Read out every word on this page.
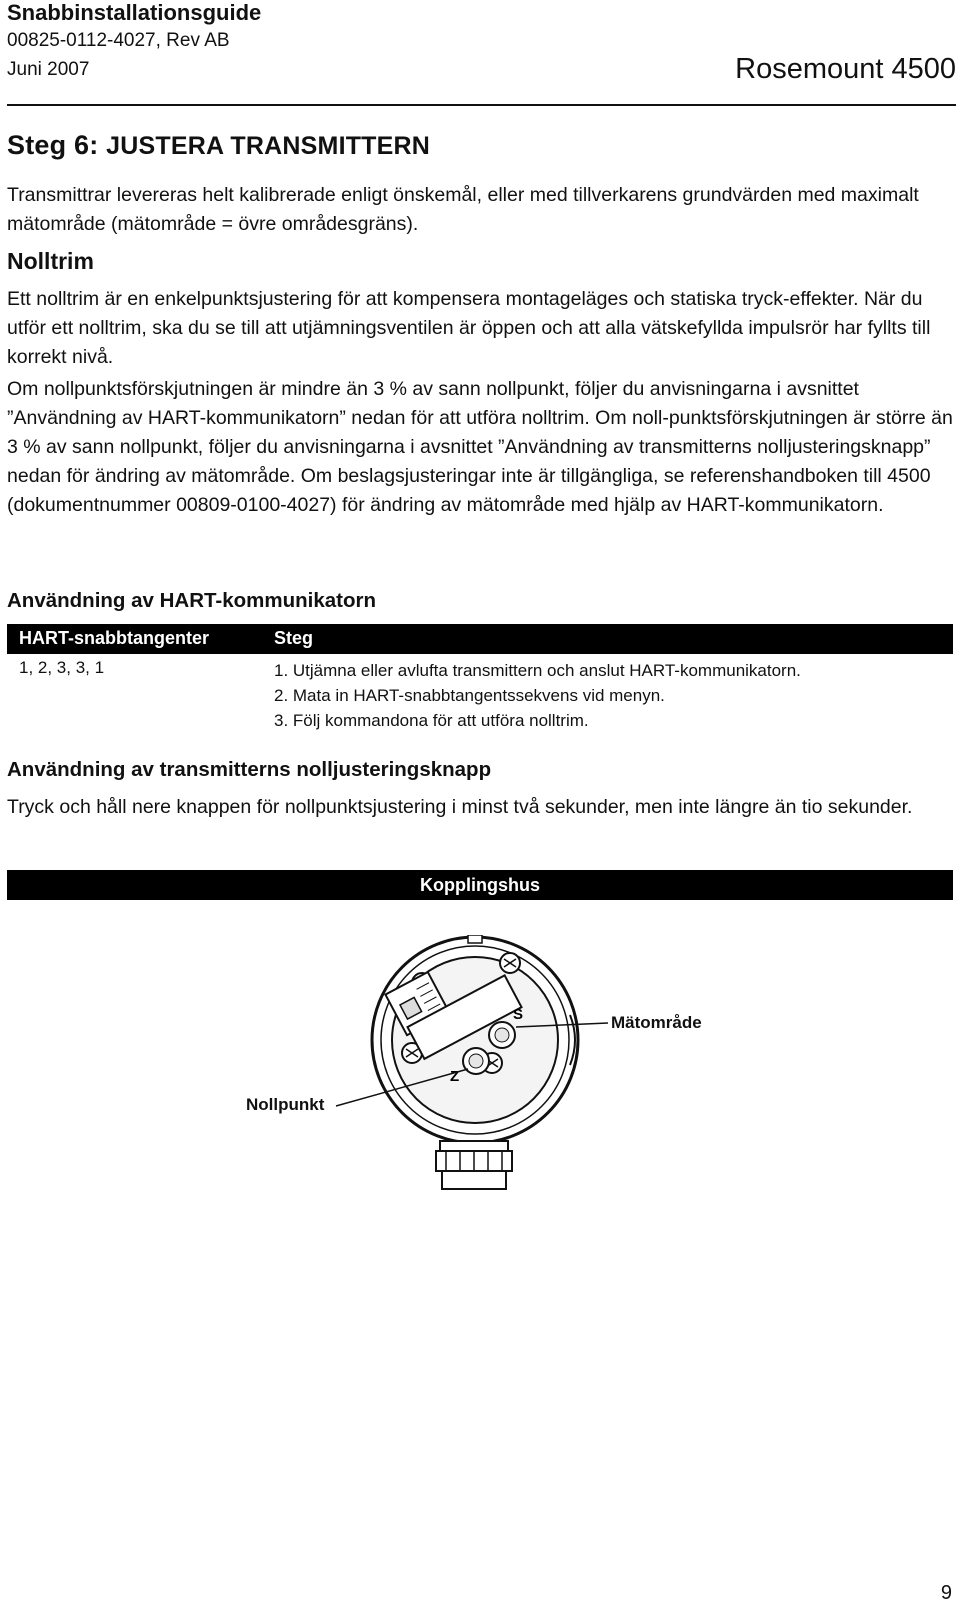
Snabbinstallationsguide
00825-0112-4027, Rev AB
Juni 2007	Rosemount 4500
Steg 6: JUSTERA TRANSMITTERN

Transmittrar levereras helt kalibrerade enligt önskemål, eller med tillverkarens grundvärden med maximalt mätområde (mätområde = övre områdesgräns).

Nolltrim

Ett nolltrim är en enkelpunktsjustering för att kompensera montageläges och statiska tryck-effekter. När du utför ett nolltrim, ska du se till att utjämningsventilen är öppen och att alla vätskefyllda impulsrör har fyllts till korrekt nivå.

Om nollpunktsförskjutningen är mindre än 3 % av sann nollpunkt, följer du anvisningarna i avsnittet ”Användning av HART-kommunikatorn” nedan för att utföra nolltrim. Om noll-punktsförskjutningen är större än 3 % av sann nollpunkt, följer du anvisningarna i avsnittet ”Användning av transmitterns nolljusteringsknapp” nedan för ändring av mätområde. Om beslagsjusteringar inte är tillgängliga, se referenshandboken till 4500 (dokumentnummer 00809-0100-4027) för ändring av mätområde med hjälp av HART-kommunikatorn.

Användning av HART-kommunikatorn
HART-snabbtangenter	Steg
1, 2, 3, 3, 1	1. Utjämna eller avlufta transmittern och anslut HART-kommunikatorn.
2. Mata in HART-snabbtangentssekvens vid menyn.
3. Följ kommandona för att utföra nolltrim.
Användning av transmitterns nolljusteringsknapp

Tryck och håll nere knappen för nollpunktsjustering i minst två sekunder, men inte längre än tio sekunder.

Kopplingshus
S
Z
Mätområde
Nollpunkt
9
